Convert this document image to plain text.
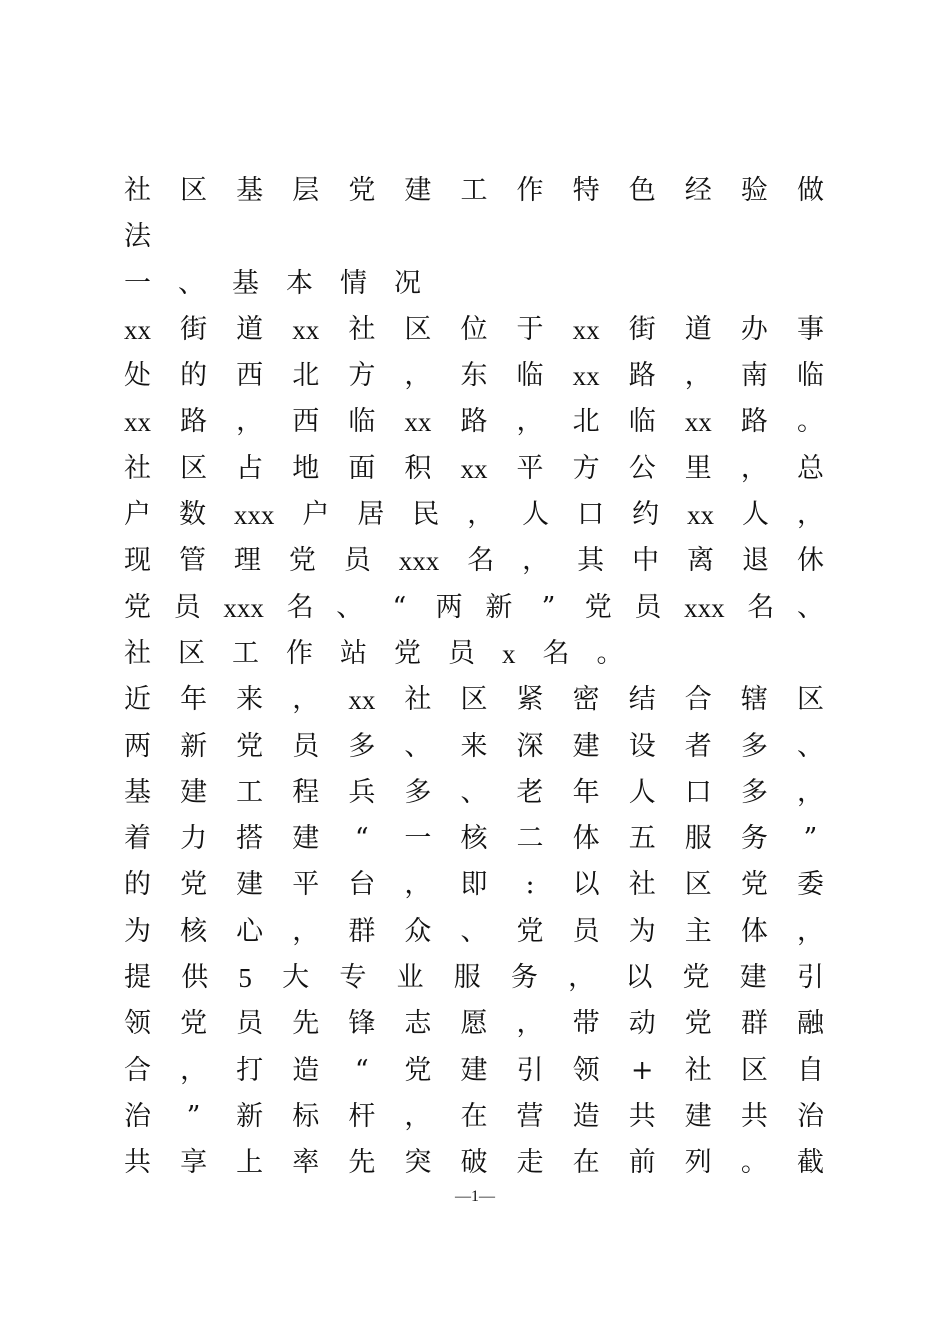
社 区 基 层 党 建 工 作 特 色 经 验 做
法
一 、 基 本 情 况
xx 街 道 xx 社 区 位 于 xx 街 道 办 事
处 的 西 北 方 ， 东 临 xx 路 ， 南 临
xx 路 ， 西 临 xx 路 ， 北 临 xx 路 。
社 区 占 地 面 积 xx 平 方 公 里 ， 总
户 数 xxx 户 居 民 ， 人 口 约 xx 人 ，
现 管 理 党 员 xxx 名 ， 其 中 离 退 休
党 员 xxx 名 、 “ 两 新 ” 党 员 xxx 名 、
社 区 工 作 站 党 员 x 名 。
近 年 来 ， xx 社 区 紧 密 结 合 辖 区
两 新 党 员 多 、 来 深 建 设 者 多 、
基 建 工 程 兵 多 、 老 年 人 口 多 ，
着 力 搭 建 “ 一 核 二 体 五 服 务 ”
的 党 建 平 台 ， 即	:	以 社 区 党 委
为 核 心 ， 群 众 、 党 员 为 主 体 ，
提 供 5 大 专 业 服 务 ， 以 党 建 引
领 党 员 先 锋 志 愿 ， 带 动 党 群 融
合 ， 打 造 “ 党 建 引 领 + 社 区 自
治 ” 新 标 杆 ， 在 营 造 共 建 共 治
共 享 上 率 先 突 破 走 在 前 列 。 截
—1—
